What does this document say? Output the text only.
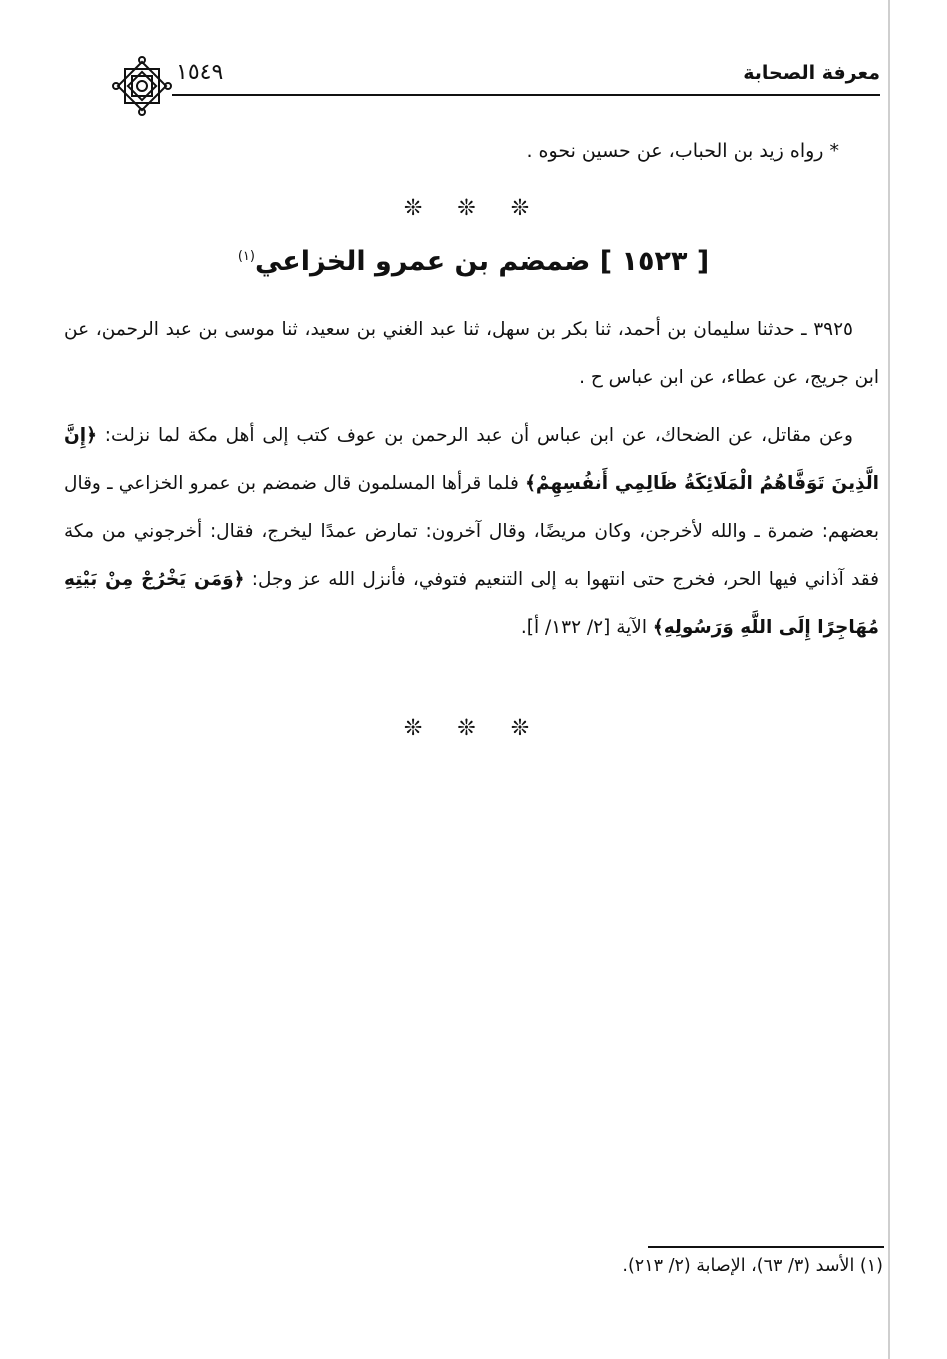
معرفة الصحابة
١٥٤٩
* رواه زيد بن الحباب، عن حسين نحوه .
❊ ❊ ❊
[ ١٥٢٣ ] ضمضم بن عمرو الخزاعي$^{(١)}$

٣٩٢٥ ـ حدثنا سليمان بن أحمد، ثنا بكر بن سهل، ثنا عبد الغني بن سعيد، ثنا موسى بن عبد الرحمن، عن ابن جريج، عن عطاء، عن ابن عباس ح .

وعن مقاتل، عن الضحاك، عن ابن عباس أن عبد الرحمن بن عوف كتب إلى أهل مكة لما نزلت: ﴿إِنَّ الَّذِينَ تَوَفَّاهُمُ الْمَلَائِكَةُ ظَالِمِي أَنفُسِهِمْ﴾ فلما قرأها المسلمون قال ضمضم بن عمرو الخزاعي ـ وقال بعضهم: ضمرة ـ والله لأخرجن، وكان مريضًا، وقال آخرون: تمارض عمدًا ليخرج، فقال: أخرجوني من مكة فقد آذاني فيها الحر، فخرج حتى انتهوا به إلى التنعيم فتوفي، فأنزل الله عز وجل: ﴿وَمَن يَخْرُجْ مِنْ بَيْتِهِ مُهَاجِرًا إِلَى اللَّهِ وَرَسُولِهِ﴾ الآية [٢/ ١٣٢/ أ].

❊ ❊ ❊
(١) الأسد (٣/ ٦٣)، الإصابة (٢/ ٢١٣).
